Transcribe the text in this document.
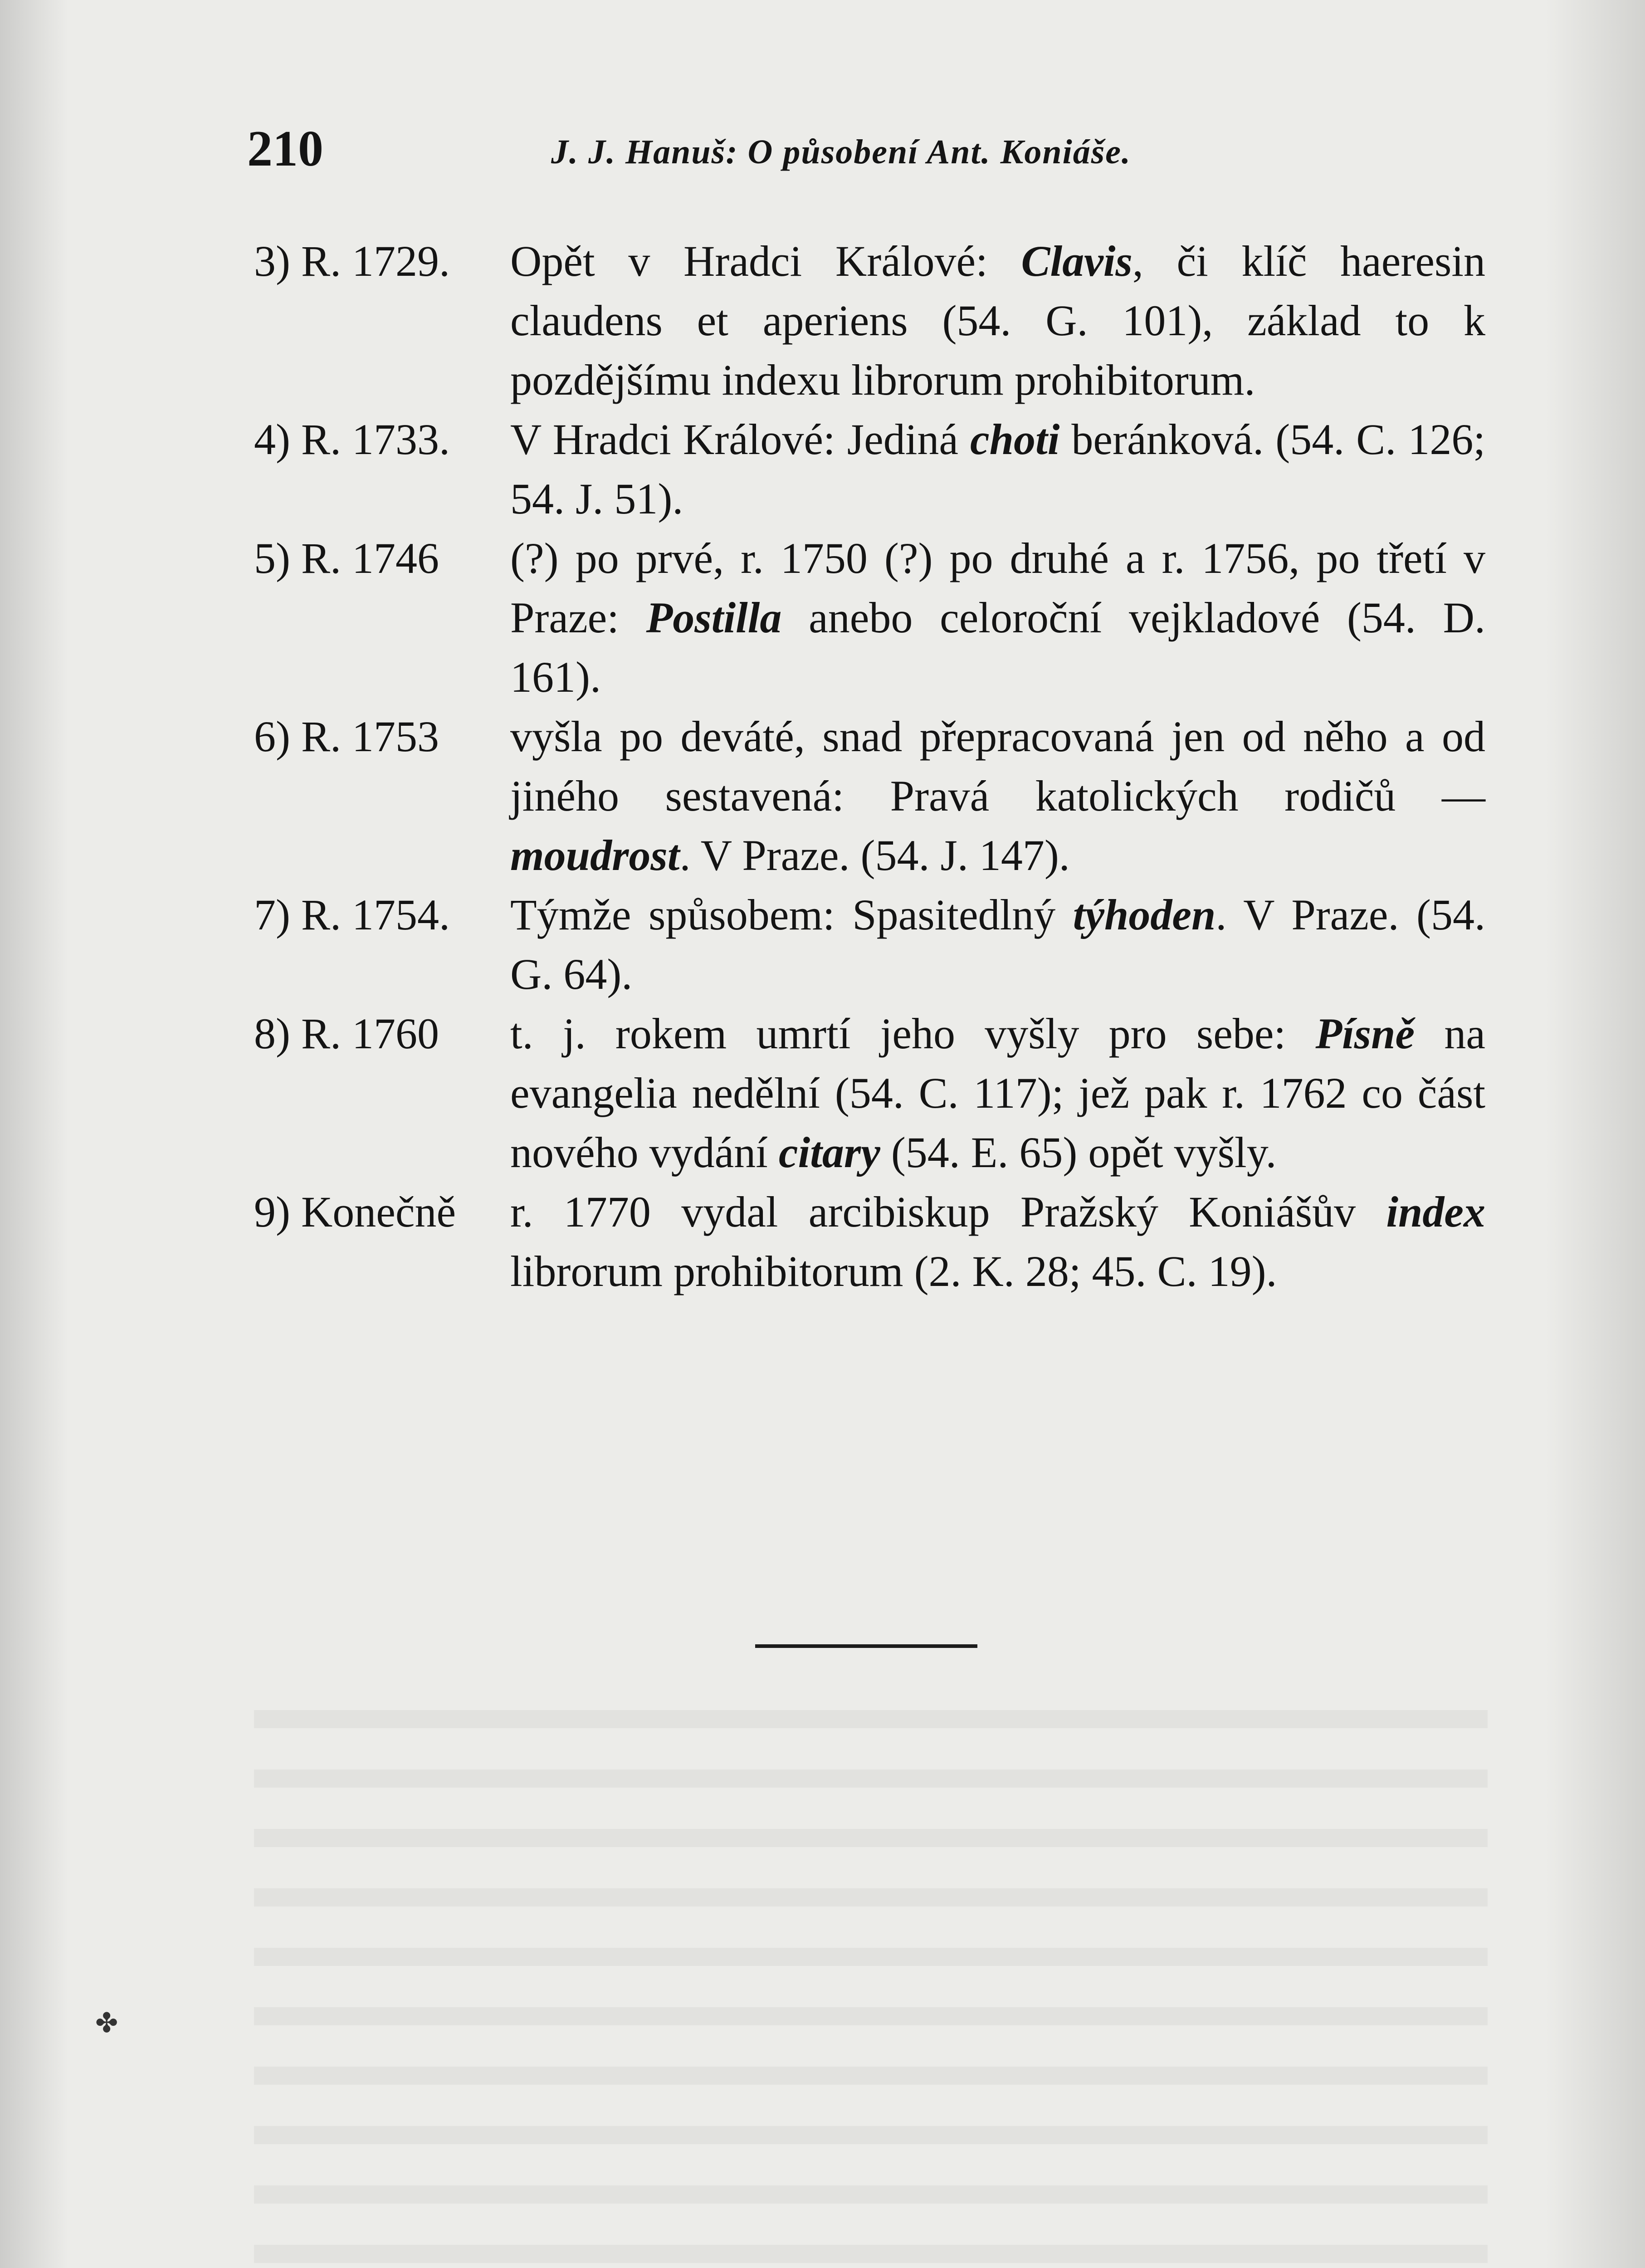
210	J. J. Hanuš: O působení Ant. Koniáše.
3) R. 1729.	Opět v Hradci Králové: Clavis, či klíč haeresin claudens et aperiens (54. G. 101), základ to k pozdějšímu indexu librorum prohibitorum.
4) R. 1733.	V Hradci Králové: Jediná choti beránková. (54. C. 126; 54. J. 51).
5) R. 1746	(?) po prvé, r. 1750 (?) po druhé a r. 1756, po třetí v Praze: Postilla anebo celoroční vejkladové (54. D. 161).
6) R. 1753	vyšla po deváté, snad přepracovaná jen od něho a od jiného sestavená: Pravá katolických rodičů — moudrost. V Praze. (54. J. 147).
7) R. 1754.	Týmže spůsobem: Spasitedlný týhoden. V Praze. (54. G. 64).
8) R. 1760	t. j. rokem umrtí jeho vyšly pro sebe: Písně na evangelia nedělní (54. C. 117); jež pak r. 1762 co část nového vydání citary (54. E. 65) opět vyšly.
9) Konečně	r. 1770 vydal arcibiskup Pražský Koniášův index librorum prohibitorum (2. K. 28; 45. C. 19).
✤
